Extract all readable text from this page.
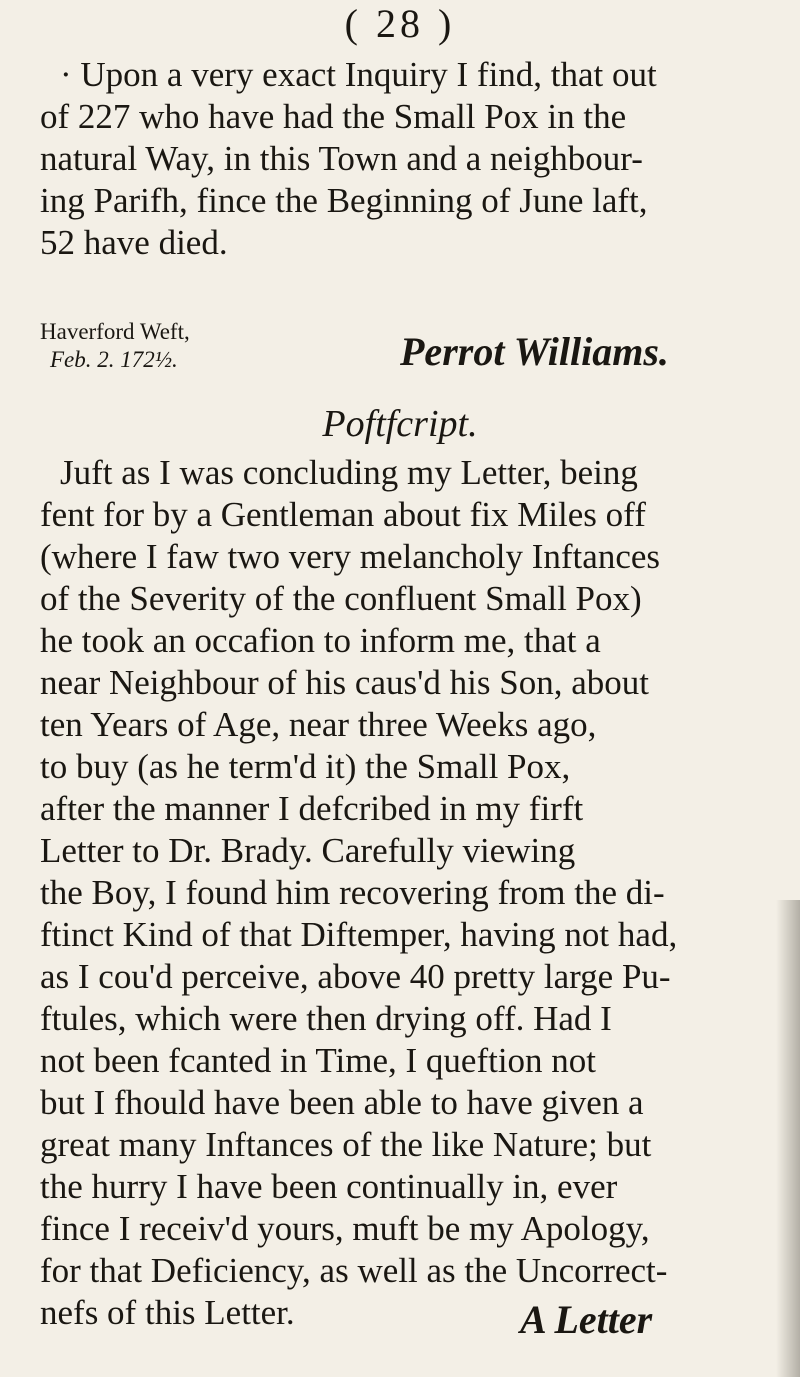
( 28 )
· Upon a very exact Inquiry I find, that out
of 227 who have had the Small Pox in the
natural Way, in this Town and a neighbour-
ing Parifh, fince the Beginning of June laft,
52 have died.
Haverford Weft,
Feb. 2. 172½.	Perrot Williams.
Poftfcript.
Juft as I was concluding my Letter, being
fent for by a Gentleman about fix Miles off
(where I faw two very melancholy Inftances
of the Severity of the confluent Small Pox)
he took an occafion to inform me, that a
near Neighbour of his caus'd his Son, about
ten Years of Age, near three Weeks ago,
to buy (as he term'd it) the Small Pox,
after the manner I defcribed in my firft
Letter to Dr. Brady. Carefully viewing
the Boy, I found him recovering from the di-
ftinct Kind of that Diftemper, having not had,
as I cou'd perceive, above 40 pretty large Pu-
ftules, which were then drying off. Had I
not been fcanted in Time, I queftion not
but I fhould have been able to have given a
great many Inftances of the like Nature; but
the hurry I have been continually in, ever
fince I receiv'd yours, muft be my Apology,
for that Deficiency, as well as the Uncorrect-
nefs of this Letter.	A Letter
